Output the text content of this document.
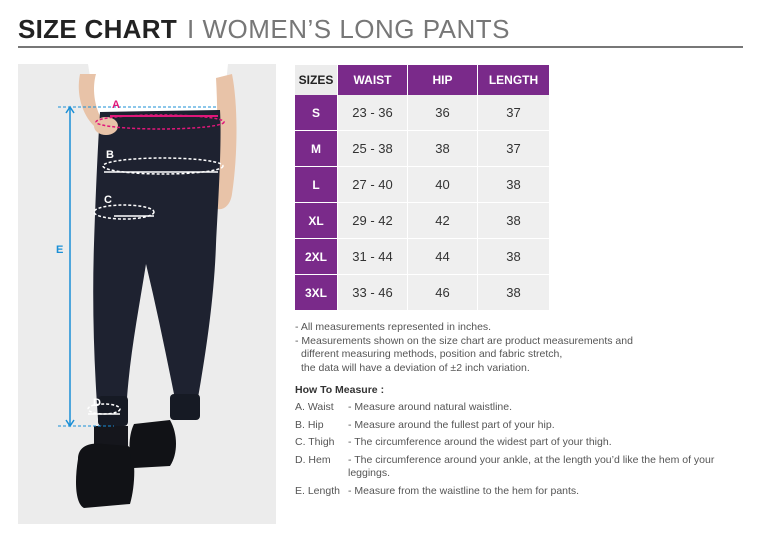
SIZE CHART I WOMEN’S LONG PANTS
A
B
C
D
E
SIZES	WAIST	HIP	LENGTH
S	23 - 36	36	37
M	25 - 38	38	37
L	27 - 40	40	38
XL	29 - 42	42	38
2XL	31 - 44	44	38
3XL	33 - 46	46	38
- All measurements represented in inches.
- Measurements shown on the size chart are product measurements and
different measuring methods, position and fabric stretch,
the data will have a deviation of ±2 inch variation.
How To Measure :
A. Waist	- Measure around natural waistline.
B. Hip	- Measure around the fullest part of your hip.
C. Thigh	- The circumference around the widest part of your thigh.
D. Hem	- The circumference around your ankle, at the length you’d like the hem of your leggings.
E. Length - Measure from the waistline to the hem for pants.
